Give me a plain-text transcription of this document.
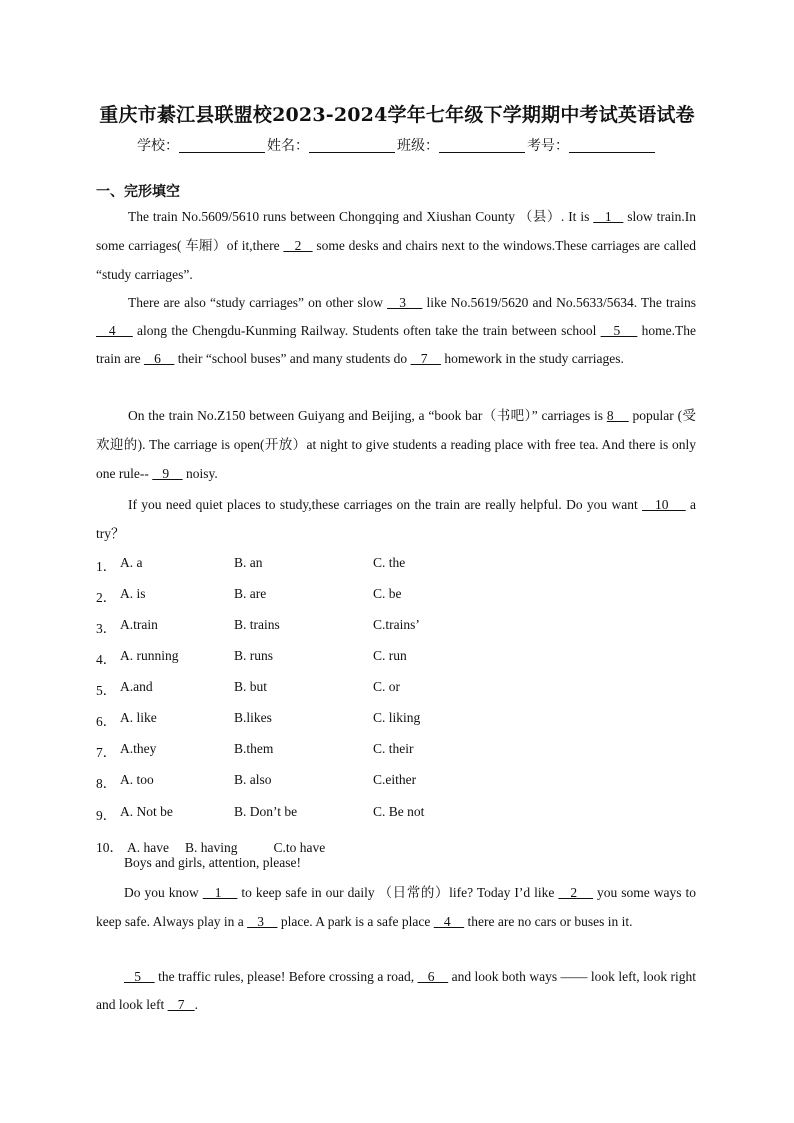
重庆市綦江县联盟校2023-2024学年七年级下学期期中考试英语试卷
学校：	姓名：	班级：	考号：
一、完形填空
The train No.5609/5610 runs between Chongqing and Xiushan County （县）. It is    1    slow train.In some carriages( 车厢）of it,there    2    some desks and chairs next to the windows.These carriages are called “study carriages”.
There are also “study carriages” on other slow    3     like No.5619/5620 and No.5633/5634. The trains    4     along the Chengdu-Kunming Railway. Students often take the train between school    5     home.The train are    6     their “school buses” and many students do    7     homework in the study carriages.
On the train No.Z150 between Guiyang and Beijing, a “book bar（书吧）” carriages is 8     popular (受欢迎的). The carriage is open(开放）at night to give students a reading place with free tea. And there is only one rule--    9     noisy.
If you need quiet places to study,these carriages on the train are really helpful. Do you want    10     a try？
1． A. a	B. an	C. the
2． A. is	B. are	C. be
3． A.train	B. trains	C.trains’
4． A. running	B. runs	C. run
5． A.and	B. but	C. or
6． A. like	B.likes	C. liking
7． A.they	B.them	C. their
8． A. too	B. also	C.either
9． A. Not be	B. Don’t be	C. Be not
10． A. have B. having	C.to have
Boys and girls, attention, please!
Do you know    1     to keep safe in our daily （日常的）life? Today I’d like    2     you some ways to keep safe. Always play in a    3     place. A park is a safe place    4     there are no cars or buses in it.
5     the traffic rules, please! Before crossing a road,    6     and look both ways —— look left, look right and look left    7   .
